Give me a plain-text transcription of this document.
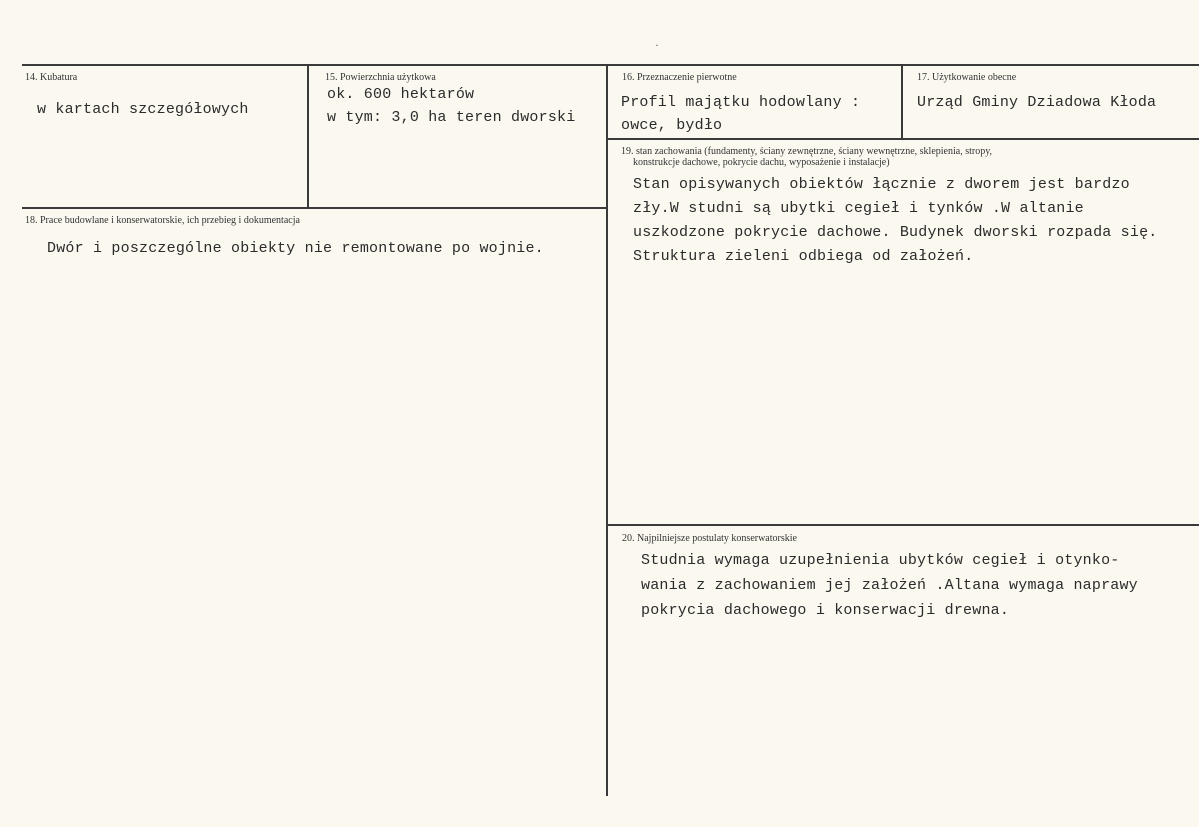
14. Kubatura
w kartach szczegółowych
15. Powierzchnia użytkowa
ok. 600 hektarów
w tym: 3,0 ha teren dworski
16. Przeznaczenie pierwotne
Profil majątku hodowlany :
owce, bydło
17. Użytkowanie obecne
Urząd Gminy Dziadowa Kłoda
18. Prace budowlane i konserwatorskie, ich przebieg i dokumentacja
Dwór i poszczególne obiekty nie remontowane po wojnie.
19. stan zachowania (fundamenty, ściany zewnętrzne, ściany wewnętrzne, sklepienia, stropy,
konstrukcje dachowe, pokrycie dachu, wyposażenie i instalacje)
Stan opisywanych obiektów łącznie z dworem jest bardzo
zły.W studni są ubytki cegieł i tynków .W altanie
uszkodzone pokrycie dachowe. Budynek dworski rozpada się.
Struktura zieleni odbiega od założeń.
20. Najpilniejsze postulaty konserwatorskie
Studnia wymaga uzupełnienia ubytków cegieł i otynko-
wania z zachowaniem jej założeń .Altana wymaga naprawy
pokrycia dachowego i konserwacji drewna.
·
